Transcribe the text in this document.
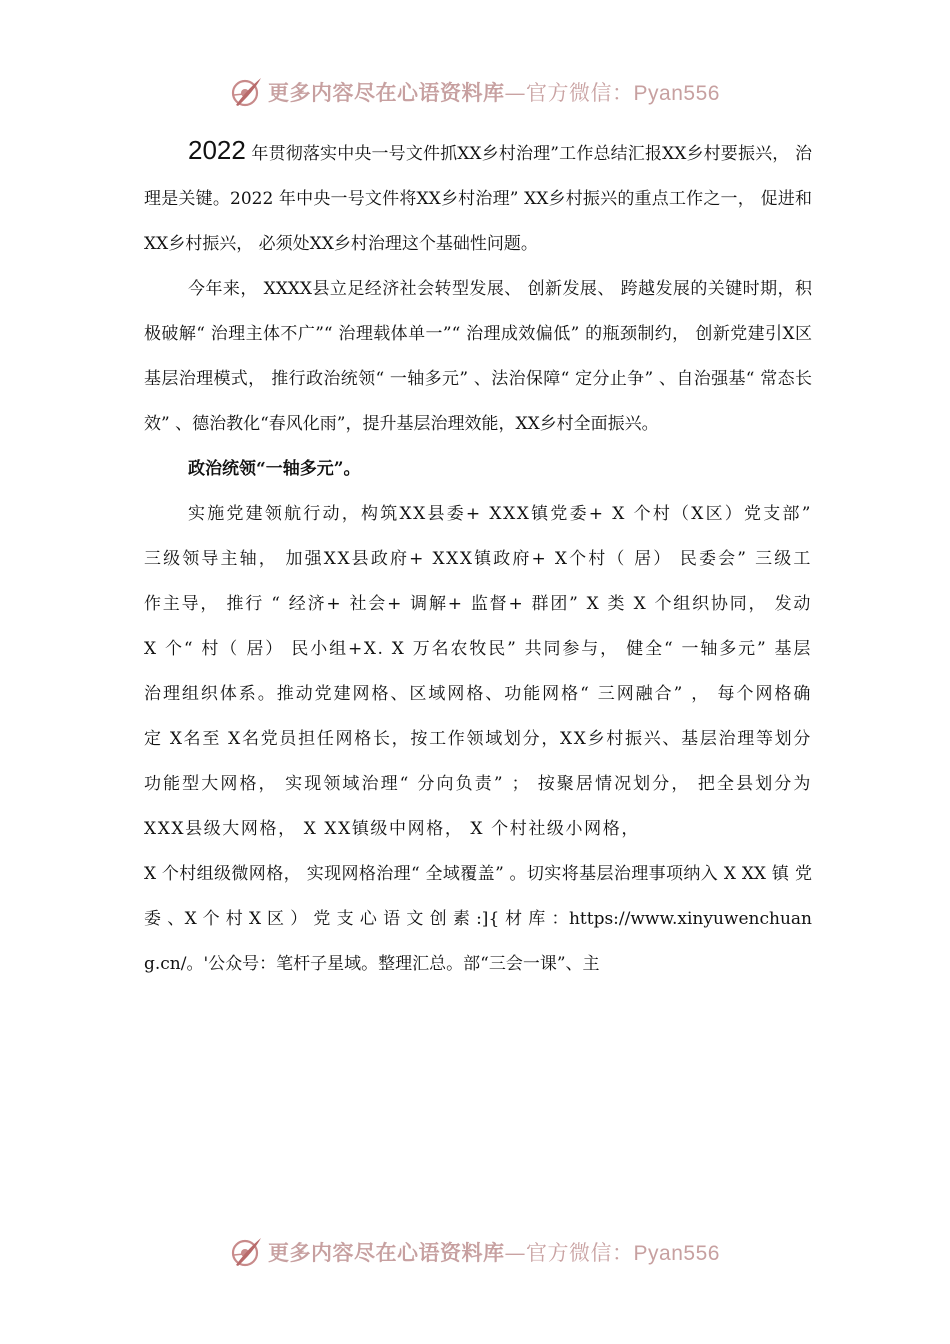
更多内容尽在心语资料库—官方微信：Pyan556

2022 年贯彻落实中央一号文件抓XX乡村治理”工作总结汇报XX乡村要振兴， 治理是关键。2022 年中央一号文件将XX乡村治理” XX乡村振兴的重点工作之一， 促进和XX乡村振兴， 必须处XX乡村治理这个基础性问题。

今年来， XXXX县立足经济社会转型发展、 创新发展、 跨越发展的关键时期，积极破解“ 治理主体不广”“ 治理载体单一”“ 治理成效偏低” 的瓶颈制约， 创新党建引X区基层治理模式， 推行政治统领“ 一轴多元” 、法治保障“ 定分止争” 、自治强基“ 常态长效” 、德治教化“春风化雨”，提升基层治理效能，XX乡村全面振兴。

政治统领“一轴多元”。

实施党建领航行动，构筑XX县委+ XXX镇党委+ X 个村（X区）党支部” 三级领导主轴， 加强XX县政府+ XXX镇政府+ X个村（ 居） 民委会” 三级工作主导， 推行 “ 经济+ 社会+ 调解+ 监督+ 群团” X 类 X 个组织协同， 发动 X 个“ 村（ 居） 民小组+X. X 万名农牧民” 共同参与， 健全“ 一轴多元” 基层治理组织体系。推动党建网格、区域网格、功能网格“ 三网融合” ， 每个网格确定 X名至 X名党员担任网格长，按工作领域划分，XX乡村振兴、基层治理等划分功能型大网格， 实现领域治理“ 分向负责” ； 按聚居情况划分， 把全县划分为 XXX县级大网格， X XX镇级中网格， X 个村社级小网格，

X 个村组级微网格， 实现网格治理“ 全域覆盖” 。切实将基层治理事项纳入 X XX 镇 党 委 、X 个 村 X 区 ） 党 支 心 语 文 创 素 :]{ 材 库 ：https://www.xinyuwenchuang.cn/。'公众号：笔杆子星域。整理汇总。部“三会一课”、主

更多内容尽在心语资料库—官方微信：Pyan556
